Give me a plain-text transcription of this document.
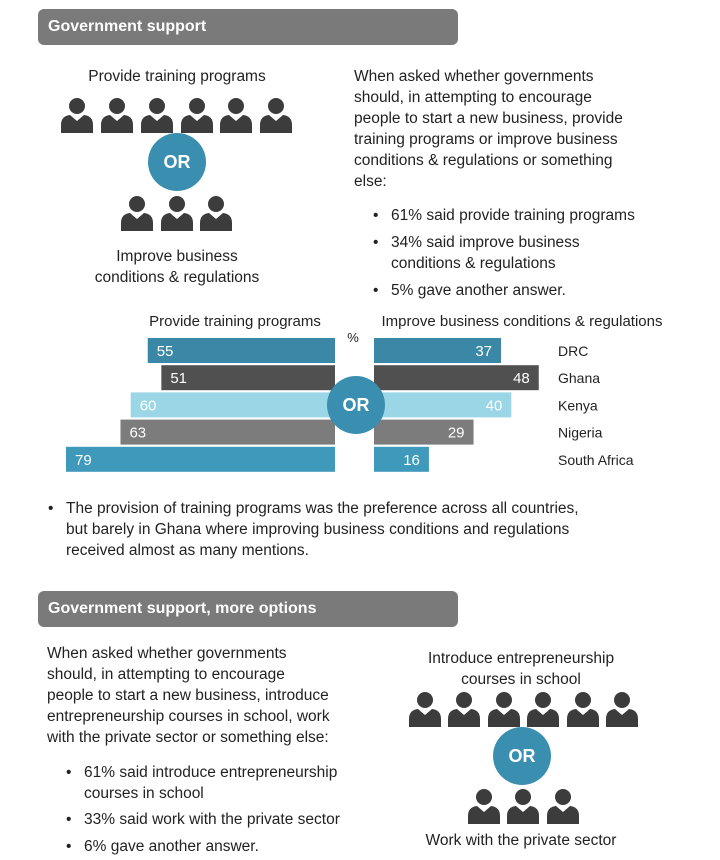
Government support
Provide training programs
OR
Improve business
conditions & regulations
When asked whether governments
should, in attempting to encourage
people to start a new business, provide
training programs or improve business
conditions & regulations or something
else:
• 61% said provide training programs
• 34% said improve business
conditions & regulations
• 5% gave another answer.
Provide training programs	Improve business conditions & regulations
%
55	37	DRC
51	48 Ghana
60	40	Kenya
63	29	Nigeria
79	16	South Africa
OR
• The provision of training programs was the preference across all countries,
but barely in Ghana where improving business conditions and regulations
received almost as many mentions.
Government support, more options
When asked whether governments
should, in attempting to encourage
people to start a new business, introduce
entrepreneurship courses in school, work
with the private sector or something else:
• 61% said introduce entrepreneurship
courses in school
• 33% said work with the private sector
• 6% gave another answer.
Introduce entrepreneurship
courses in school
OR
Work with the private sector
